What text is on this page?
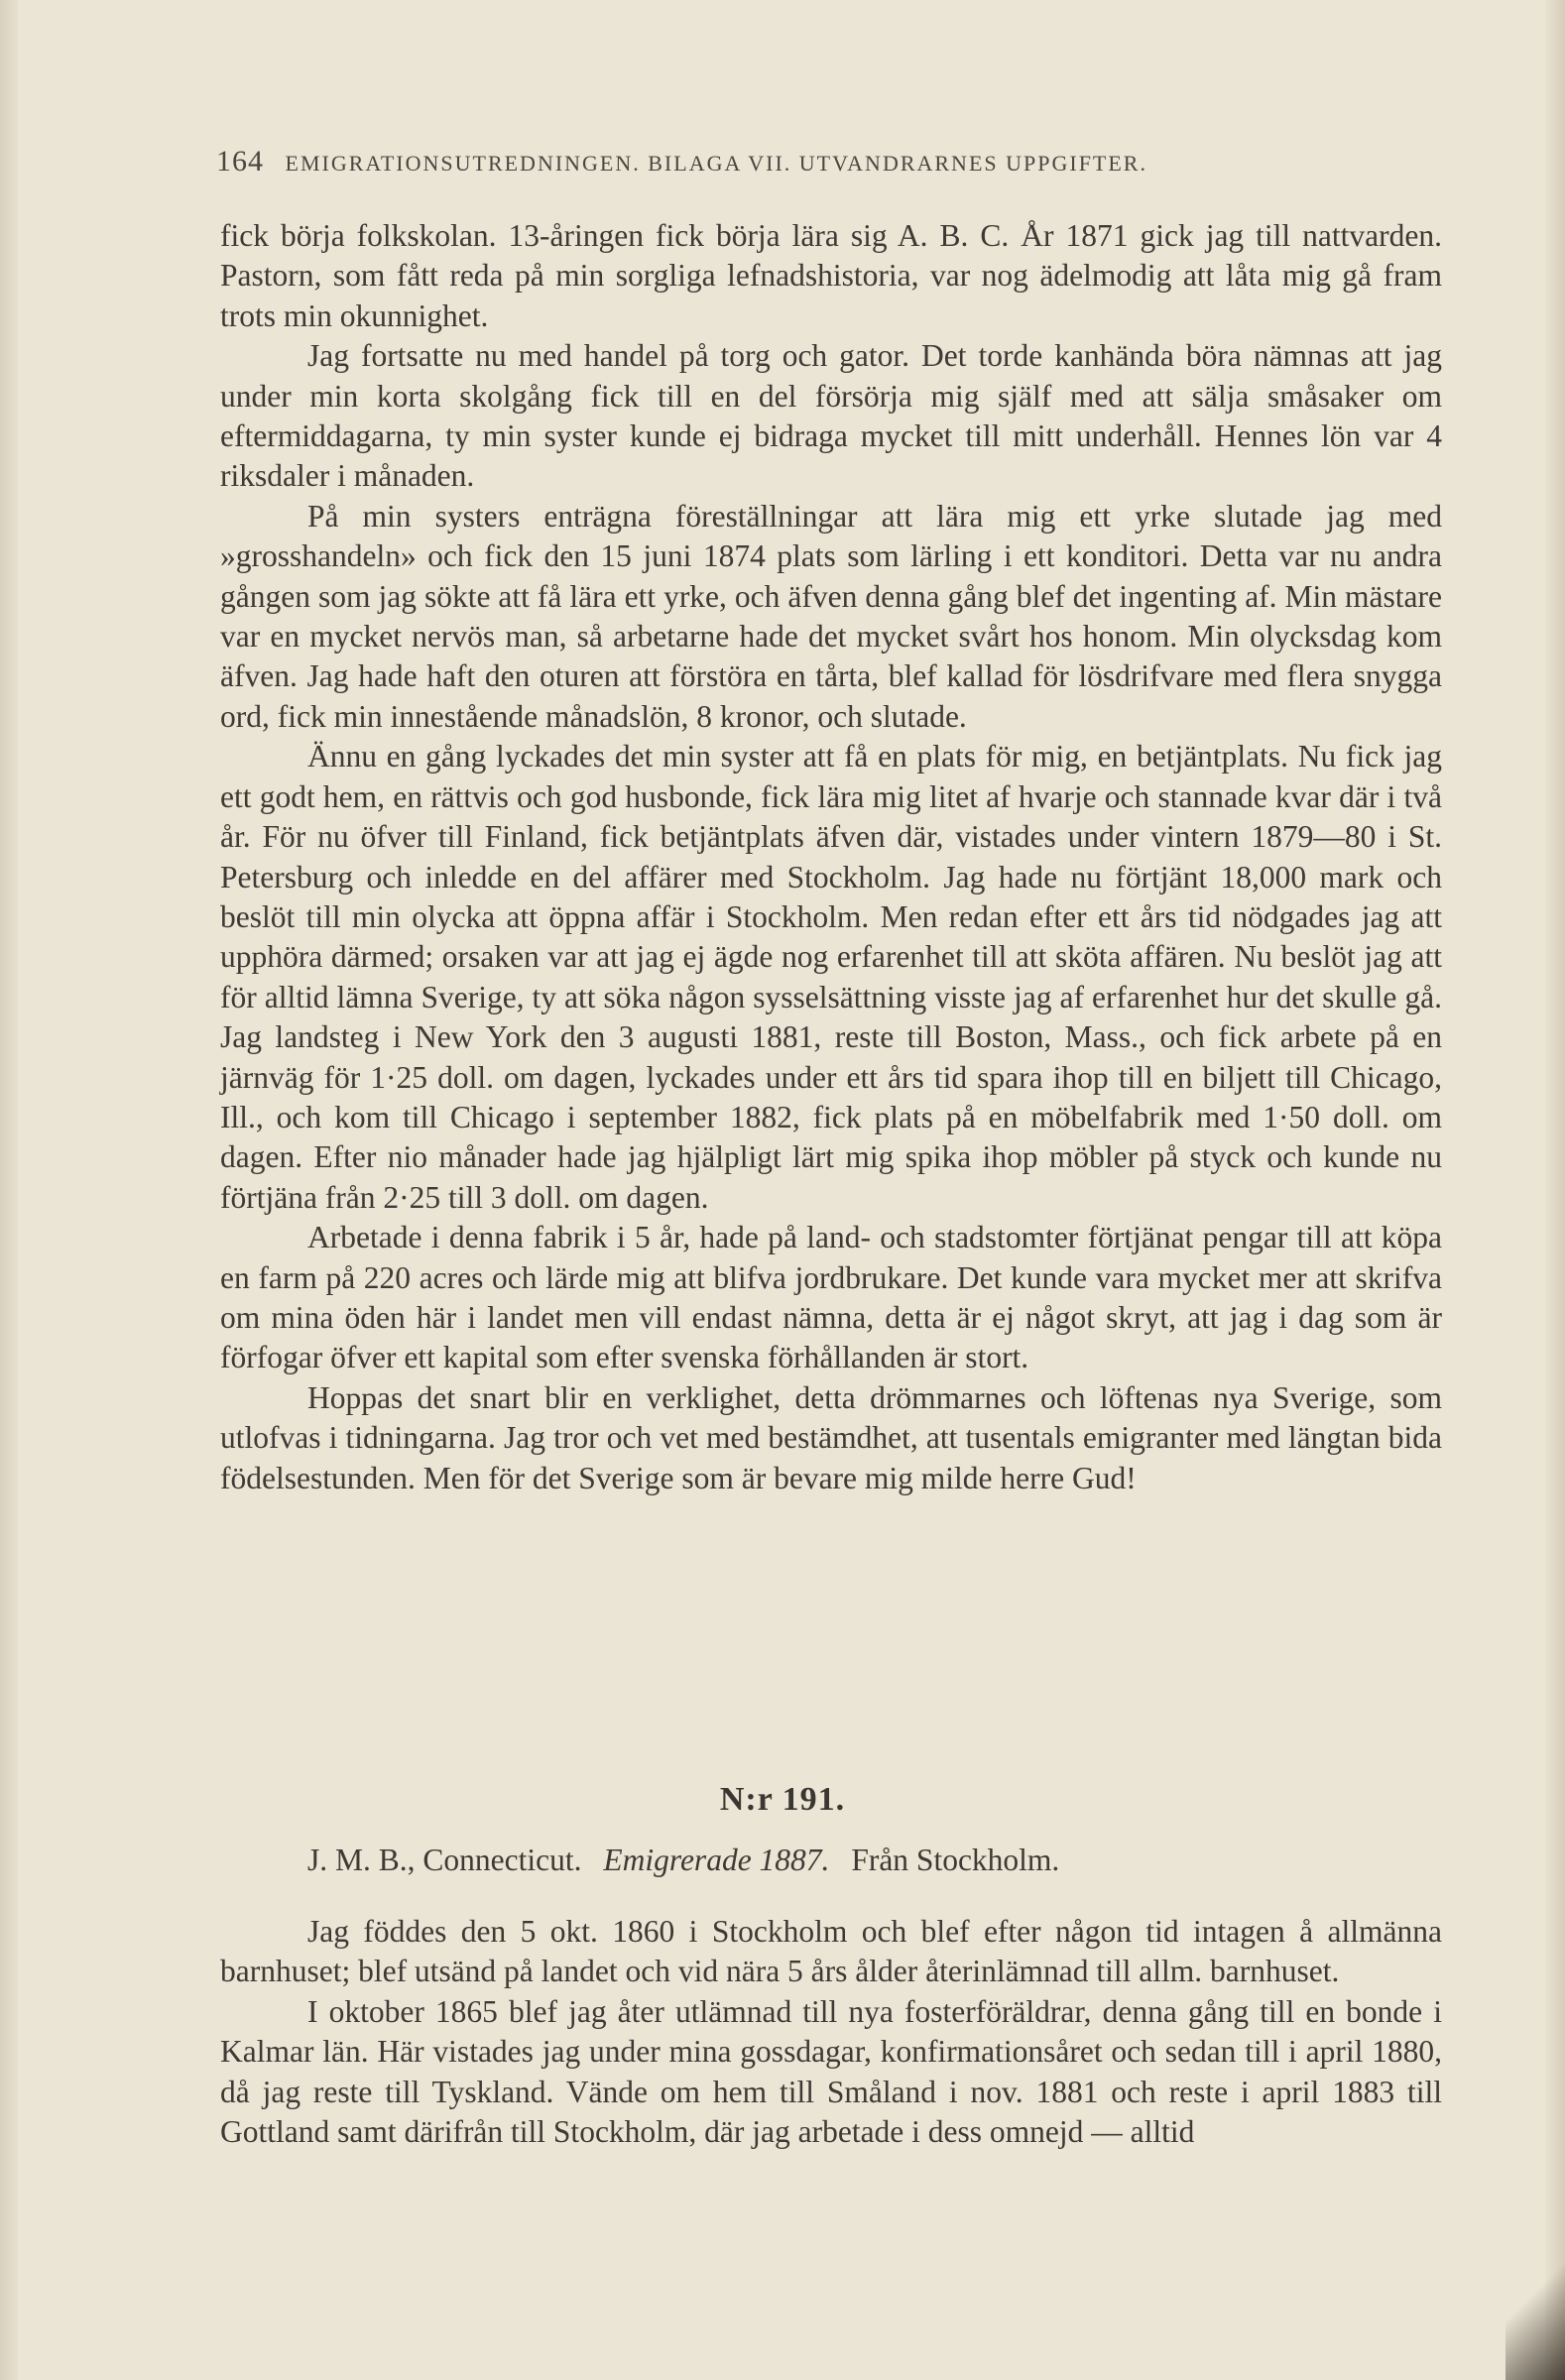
164 EMIGRATIONSUTREDNINGEN. BILAGA VII. UTVANDRARNES UPPGIFTER.

fick börja folkskolan. 13-åringen fick börja lära sig A. B. C. År 1871 gick jag till nattvarden. Pastorn, som fått reda på min sorgliga lefnadshistoria, var nog ädelmodig att låta mig gå fram trots min okunnighet.

Jag fortsatte nu med handel på torg och gator. Det torde kanhända böra nämnas att jag under min korta skolgång fick till en del försörja mig själf med att sälja småsaker om eftermiddagarna, ty min syster kunde ej bidraga mycket till mitt underhåll. Hennes lön var 4 riksdaler i månaden.

På min systers enträgna föreställningar att lära mig ett yrke slutade jag med »grosshandeln» och fick den 15 juni 1874 plats som lärling i ett konditori. Detta var nu andra gången som jag sökte att få lära ett yrke, och äfven denna gång blef det ingenting af. Min mästare var en mycket nervös man, så arbetarne hade det mycket svårt hos honom. Min olycksdag kom äfven. Jag hade haft den oturen att förstöra en tårta, blef kallad för lösdrifvare med flera snygga ord, fick min innestående månadslön, 8 kronor, och slutade.

Ännu en gång lyckades det min syster att få en plats för mig, en betjäntplats. Nu fick jag ett godt hem, en rättvis och god husbonde, fick lära mig litet af hvarje och stannade kvar där i två år. För nu öfver till Finland, fick betjäntplats äfven där, vistades under vintern 1879—80 i St. Petersburg och inledde en del affärer med Stockholm. Jag hade nu förtjänt 18,000 mark och beslöt till min olycka att öppna affär i Stockholm. Men redan efter ett års tid nödgades jag att upphöra därmed; orsaken var att jag ej ägde nog erfarenhet till att sköta affären. Nu beslöt jag att för alltid lämna Sverige, ty att söka någon sysselsättning visste jag af erfarenhet hur det skulle gå. Jag landsteg i New York den 3 augusti 1881, reste till Boston, Mass., och fick arbete på en järnväg för 1·25 doll. om dagen, lyckades under ett års tid spara ihop till en biljett till Chicago, Ill., och kom till Chicago i september 1882, fick plats på en möbelfabrik med 1·50 doll. om dagen. Efter nio månader hade jag hjälpligt lärt mig spika ihop möbler på styck och kunde nu förtjäna från 2·25 till 3 doll. om dagen.

Arbetade i denna fabrik i 5 år, hade på land- och stadstomter förtjänat pengar till att köpa en farm på 220 acres och lärde mig att blifva jordbrukare. Det kunde vara mycket mer att skrifva om mina öden här i landet men vill endast nämna, detta är ej något skryt, att jag i dag som är förfogar öfver ett kapital som efter svenska förhållanden är stort.

Hoppas det snart blir en verklighet, detta drömmarnes och löftenas nya Sverige, som utlofvas i tidningarna. Jag tror och vet med bestämdhet, att tusentals emigranter med längtan bida födelsestunden. Men för det Sverige som är bevare mig milde herre Gud!

N:r 191.
J. M. B., Connecticut. Emigrerade 1887. Från Stockholm.

Jag föddes den 5 okt. 1860 i Stockholm och blef efter någon tid intagen å allmänna barnhuset; blef utsänd på landet och vid nära 5 års ålder återinlämnad till allm. barnhuset.

I oktober 1865 blef jag åter utlämnad till nya fosterföräldrar, denna gång till en bonde i Kalmar län. Här vistades jag under mina gossdagar, konfirmationsåret och sedan till i april 1880, då jag reste till Tyskland. Vände om hem till Småland i nov. 1881 och reste i april 1883 till Gottland samt därifrån till Stockholm, där jag arbetade i dess omnejd — alltid
